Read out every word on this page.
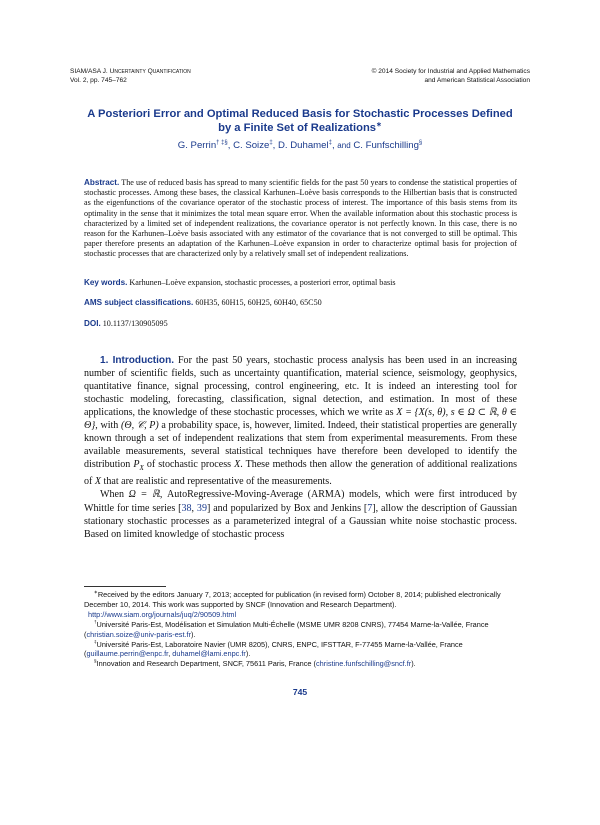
SIAM/ASA J. Uncertainty Quantification
Vol. 2, pp. 745–762
© 2014 Society for Industrial and Applied Mathematics
and American Statistical Association
A Posteriori Error and Optimal Reduced Basis for Stochastic Processes Defined
by a Finite Set of Realizations∗
G. Perrin† ‡§, C. Soize‡, D. Duhamel‡, and C. Funfschilling§
Abstract. The use of reduced basis has spread to many scientific fields for the past 50 years to condense the statistical properties of stochastic processes. Among these bases, the classical Karhunen–Loève basis corresponds to the Hilbertian basis that is constructed as the eigenfunctions of the covariance operator of the stochastic process of interest. The importance of this basis stems from its optimality in the sense that it minimizes the total mean square error. When the available information about this stochastic process is characterized by a limited set of independent realizations, the covariance operator is not perfectly known. In this case, there is no reason for the Karhunen–Loève basis associated with any estimator of the covariance that is not converged to still be optimal. This paper therefore presents an adaptation of the Karhunen–Loève expansion in order to characterize optimal basis for projection of stochastic processes that are characterized only by a relatively small set of independent realizations.
Key words. Karhunen–Loève expansion, stochastic processes, a posteriori error, optimal basis
AMS subject classifications. 60H35, 60H15, 60H25, 60H40, 65C50
DOI. 10.1137/130905095

1. Introduction. For the past 50 years, stochastic process analysis has been used in an increasing number of scientific fields, such as uncertainty quantification, material science, seismology, geophysics, quantitative finance, signal processing, control engineering, etc. It is indeed an interesting tool for stochastic modeling, forecasting, classification, signal detection, and estimation. In most of these applications, the knowledge of these stochastic processes, which we write as X = {X(s, θ), s ∈ Ω ⊂ ℝ, θ ∈ Θ}, with (Θ, 𝒞, P) a probability space, is, however, limited. Indeed, their statistical properties are generally known through a set of independent realizations that stem from experimental measurements. From these available measurements, several statistical techniques have therefore been developed to identify the distribution $P_X$ of stochastic process X. These methods then allow the generation of additional realizations of X that are realistic and representative of the measurements.

When Ω = ℝ, AutoRegressive-Moving-Average (ARMA) models, which were first introduced by Whittle for time series [38, 39] and popularized by Box and Jenkins [7], allow the description of Gaussian stationary stochastic processes as a parameterized integral of a Gaussian white noise stochastic process. Based on limited knowledge of stochastic process

∗Received by the editors January 7, 2013; accepted for publication (in revised form) October 8, 2014; published electronically December 10, 2014. This work was supported by SNCF (Innovation and Research Department).
http://www.siam.org/journals/juq/2/90509.html

†Université Paris-Est, Modélisation et Simulation Multi-Échelle (MSME UMR 8208 CNRS), 77454 Marne-la-Vallée, France (christian.soize@univ-paris-est.fr).

‡Université Paris-Est, Laboratoire Navier (UMR 8205), CNRS, ENPC, IFSTTAR, F-77455 Marne-la-Vallée, France (guillaume.perrin@enpc.fr, duhamel@lami.enpc.fr).

§Innovation and Research Department, SNCF, 75611 Paris, France (christine.funfschilling@sncf.fr).

745
